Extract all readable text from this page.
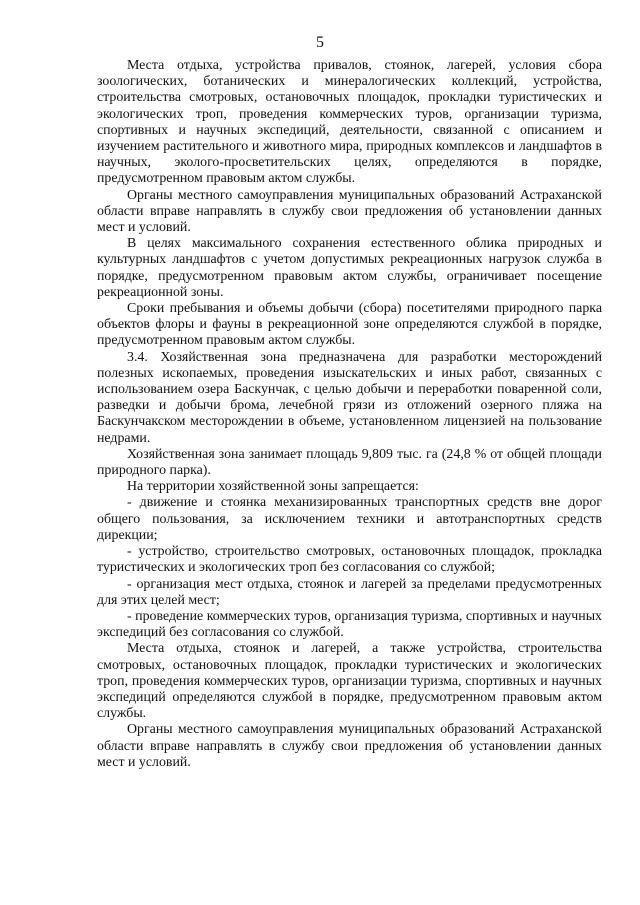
5

Места отдыха, устройства привалов, стоянок, лагерей, условия сбора зоологических, ботанических и минералогических коллекций, устройства, строительства смотровых, остановочных площадок, прокладки туристических и экологических троп, проведения коммерческих туров, организации туризма, спортивных и научных экспедиций, деятельности, связанной с описанием и изучением растительного и животного мира, природных комплексов и ландшафтов в научных, эколого-просветительских целях, определяются в порядке, предусмотренном правовым актом службы.

Органы местного самоуправления муниципальных образований Астраханской области вправе направлять в службу свои предложения об установлении данных мест и условий.

В целях максимального сохранения естественного облика природных и культурных ландшафтов с учетом допустимых рекреационных нагрузок служба в порядке, предусмотренном правовым актом службы, ограничивает посещение рекреационной зоны.

Сроки пребывания и объемы добычи (сбора) посетителями природного парка объектов флоры и фауны в рекреационной зоне определяются службой в порядке, предусмотренном правовым актом службы.

3.4. Хозяйственная зона предназначена для разработки месторождений полезных ископаемых, проведения изыскательских и иных работ, связанных с использованием озера Баскунчак, с целью добычи и переработки поваренной соли, разведки и добычи брома, лечебной грязи из отложений озерного пляжа на Баскунчакском месторождении в объеме, установленном лицензией на пользование недрами.

Хозяйственная зона занимает площадь 9,809 тыс. га (24,8 % от общей площади природного парка).

На территории хозяйственной зоны запрещается:

- движение и стоянка механизированных транспортных средств вне дорог общего пользования, за исключением техники и автотранспортных средств дирекции;

- устройство, строительство смотровых, остановочных площадок, прокладка туристических и экологических троп без согласования со службой;

- организация мест отдыха, стоянок и лагерей за пределами предусмотренных для этих целей мест;

- проведение коммерческих туров, организация туризма, спортивных и научных экспедиций без согласования со службой.

Места отдыха, стоянок и лагерей, а также устройства, строительства смотровых, остановочных площадок, прокладки туристических и экологических троп, проведения коммерческих туров, организации туризма, спортивных и научных экспедиций определяются службой в порядке, предусмотренном правовым актом службы.

Органы местного самоуправления муниципальных образований Астраханской области вправе направлять в службу свои предложения об установлении данных мест и условий.
